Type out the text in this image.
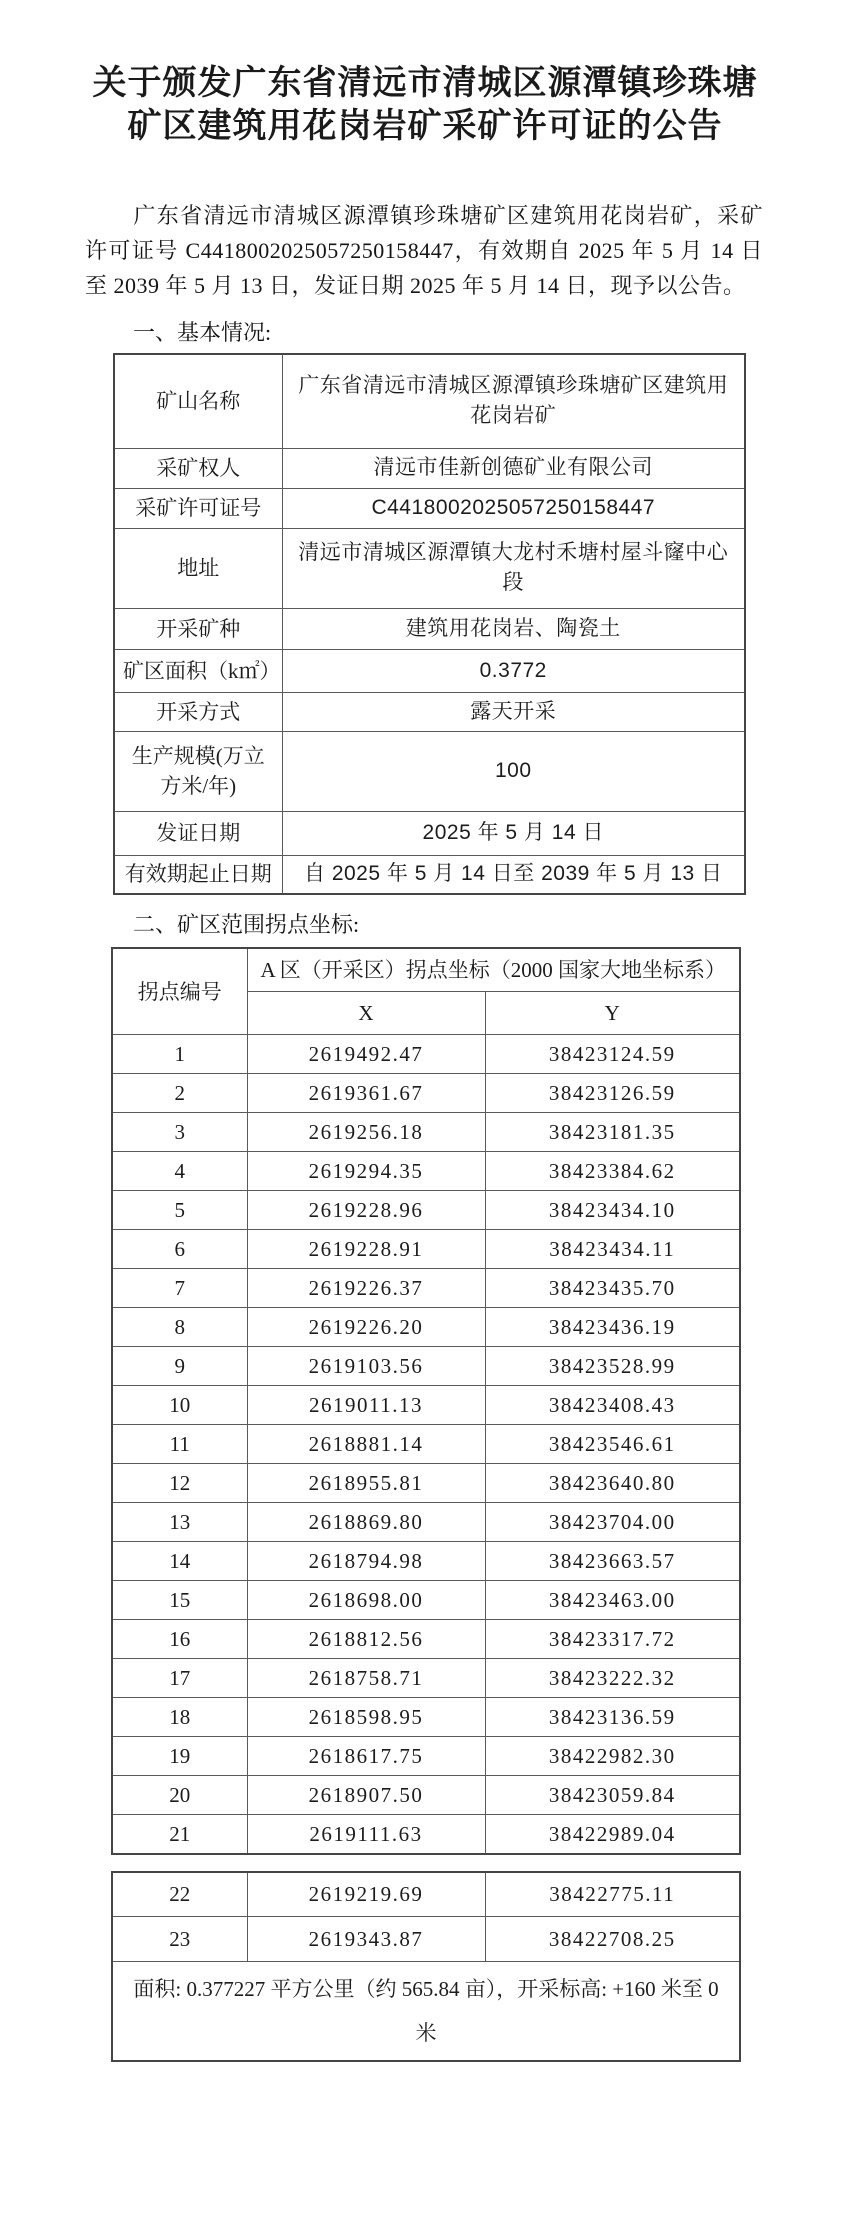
关于颁发广东省清远市清城区源潭镇珍珠塘矿区建筑用花岗岩矿采矿许可证的公告

广东省清远市清城区源潭镇珍珠塘矿区建筑用花岗岩矿，采矿许可证号 C4418002025057250158447，有效期自 2025 年 5 月 14 日至 2039 年 5 月 13 日，发证日期 2025 年 5 月 14 日，现予以公告。

一、基本情况:
矿山名称	广东省清远市清城区源潭镇珍珠塘矿区建筑用花岗岩矿
采矿权人	清远市佳新创德矿业有限公司
采矿许可证号	C4418002025057250158447
地址	清远市清城区源潭镇大龙村禾塘村屋斗窿中心段
开采矿种	建筑用花岗岩、陶瓷土
矿区面积（k㎡）	0.3772
开采方式	露天开采
生产规模(万立方米/年)	100
发证日期	2025 年 5 月 14 日
有效期起止日期	自 2025 年 5 月 14 日至 2039 年 5 月 13 日
二、矿区范围拐点坐标:
拐点编号	A 区（开采区）拐点坐标（2000 国家大地坐标系）	
	X	Y
1	2619492.47	38423124.59
2	2619361.67	38423126.59
3	2619256.18	38423181.35
4	2619294.35	38423384.62
5	2619228.96	38423434.10
6	2619228.91	38423434.11
7	2619226.37	38423435.70
8	2619226.20	38423436.19
9	2619103.56	38423528.99
10	2619011.13	38423408.43
11	2618881.14	38423546.61
12	2618955.81	38423640.80
13	2618869.80	38423704.00
14	2618794.98	38423663.57
15	2618698.00	38423463.00
16	2618812.56	38423317.72
17	2618758.71	38423222.32
18	2618598.95	38423136.59
19	2618617.75	38422982.30
20	2618907.50	38423059.84
21	2619111.63	38422989.04
22	2619219.69	38422775.11
23	2619343.87	38422708.25
面积: 0.377227 平方公里（约 565.84 亩），开采标高: +160 米至 0 米		
